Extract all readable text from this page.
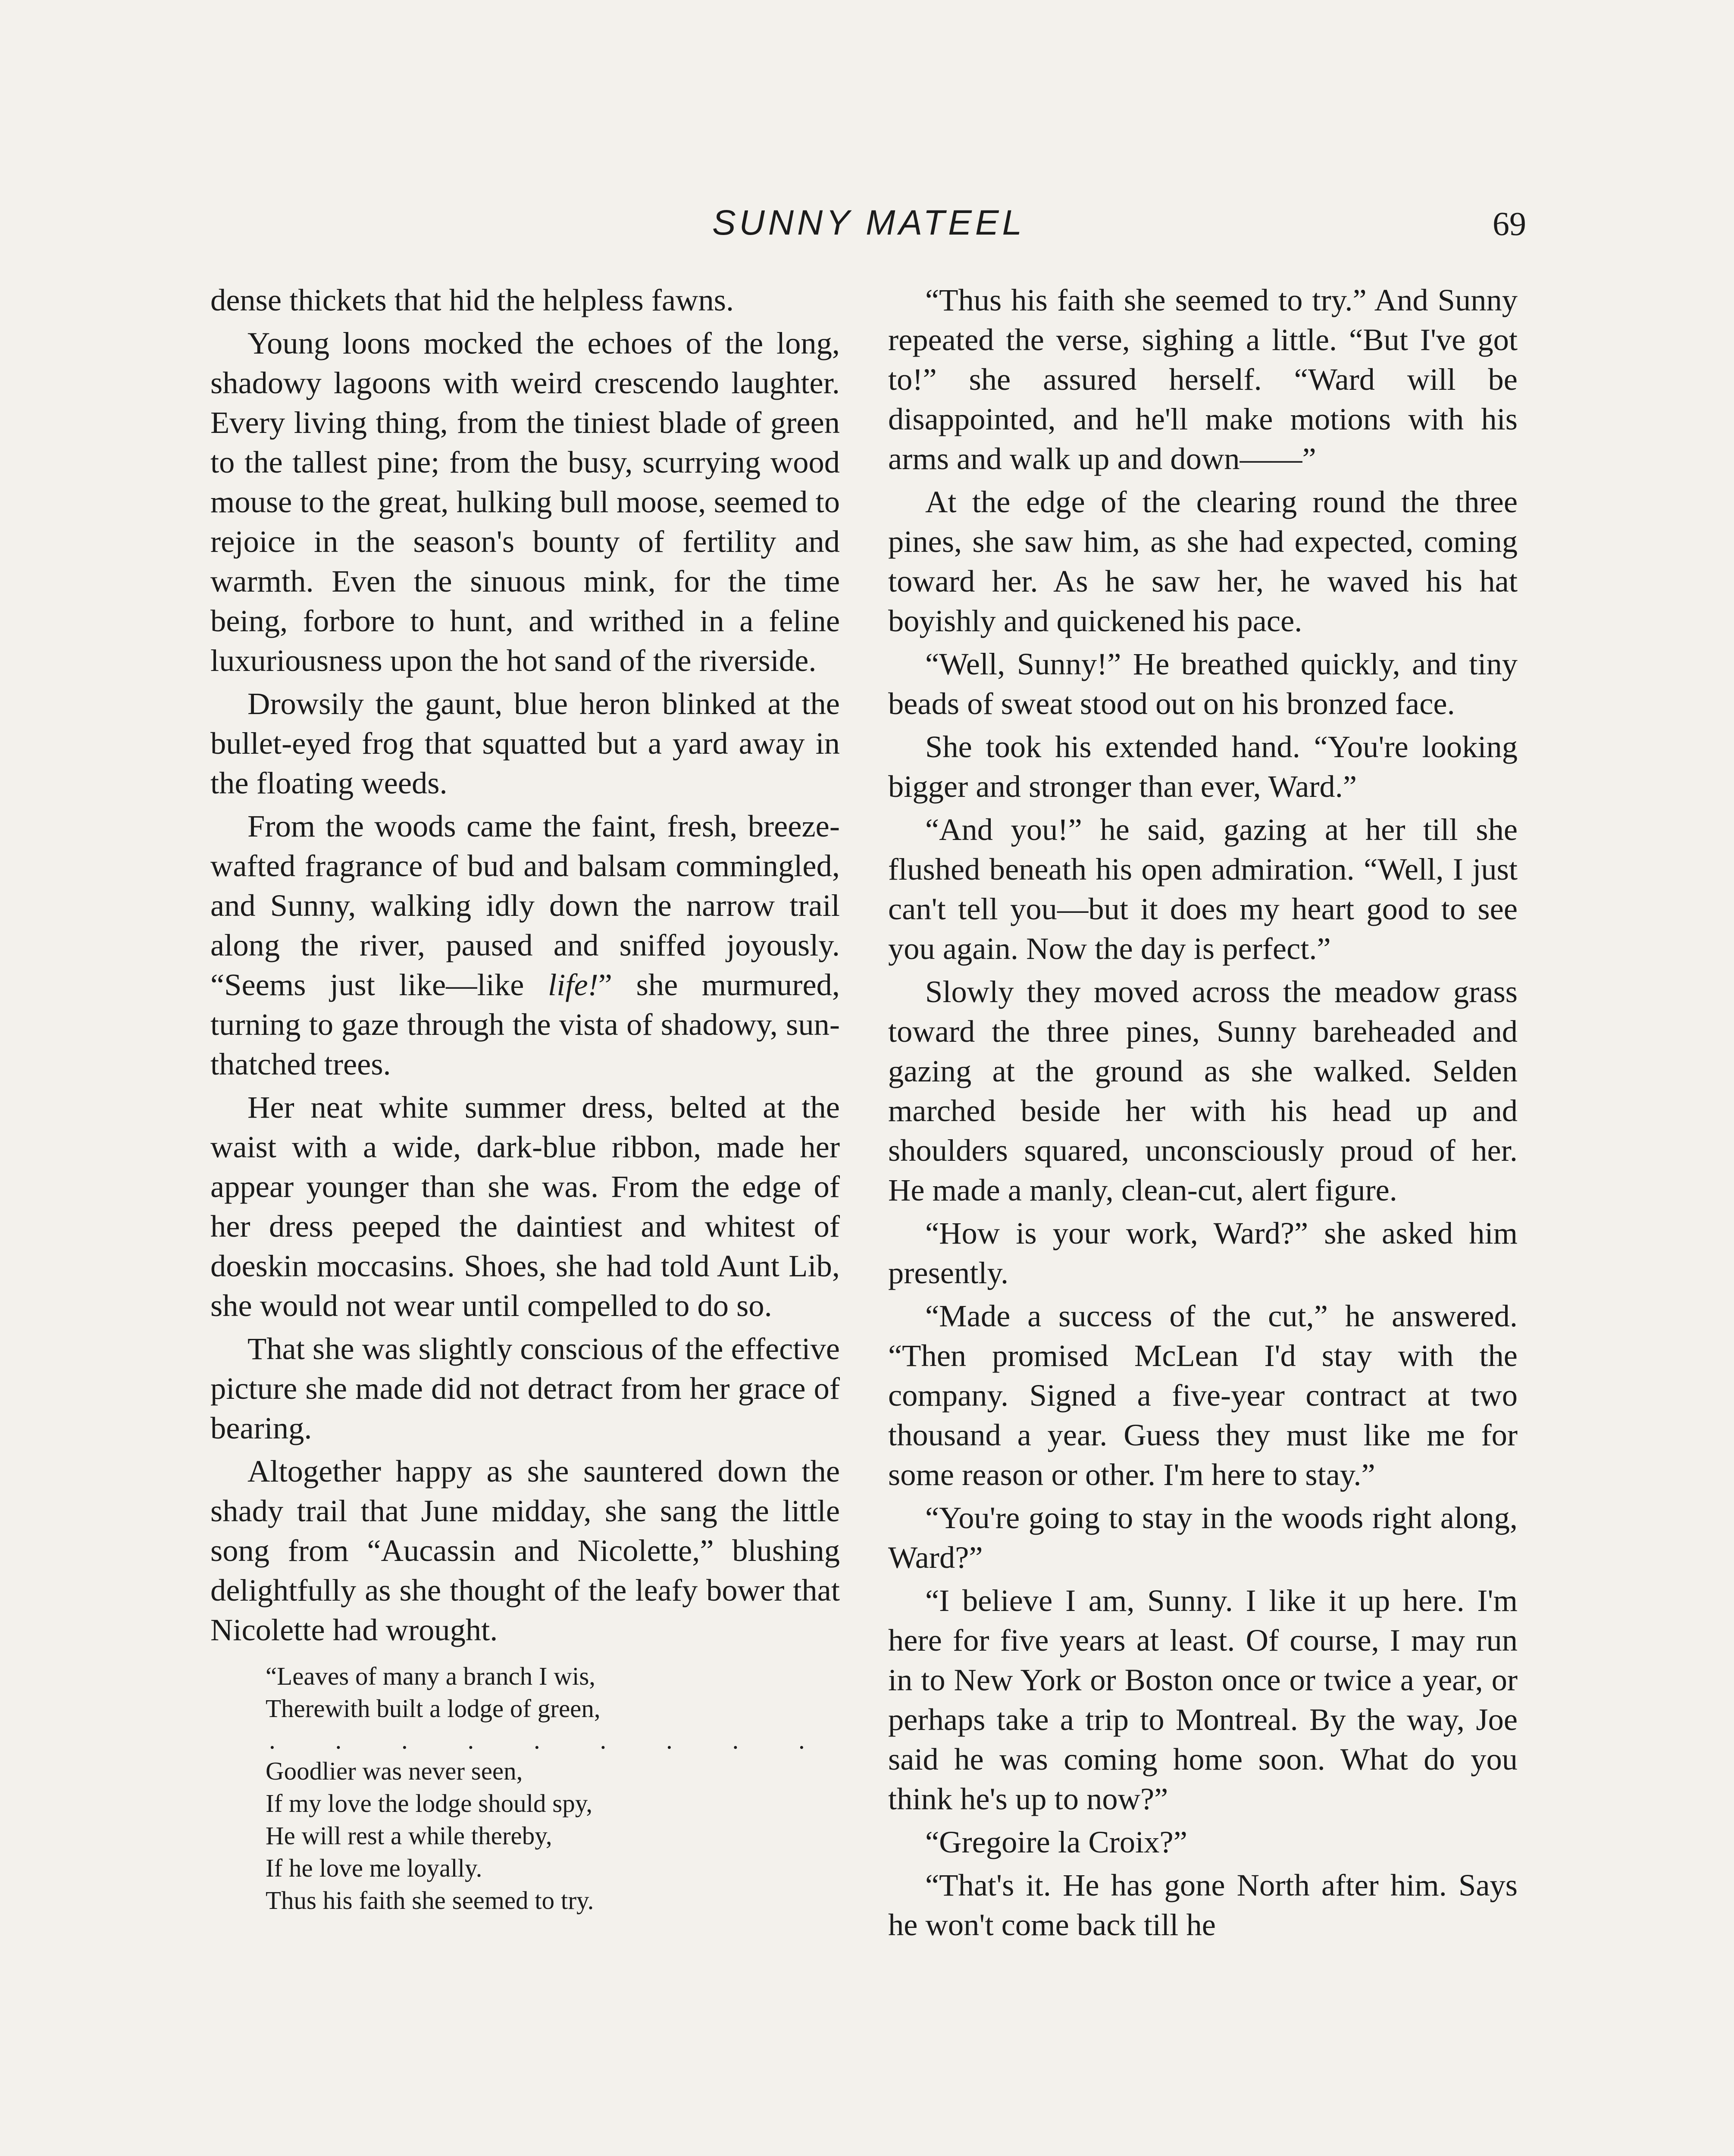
SUNNY MATEEL	69

dense thickets that hid the helpless fawns.

Young loons mocked the echoes of the long, shadowy lagoons with weird crescendo laughter. Every living thing, from the tiniest blade of green to the tallest pine; from the busy, scurrying wood mouse to the great, hulking bull moose, seemed to rejoice in the season's bounty of fertility and warmth. Even the sinuous mink, for the time being, forbore to hunt, and writhed in a feline luxuriousness upon the hot sand of the riverside.

Drowsily the gaunt, blue heron blinked at the bullet-eyed frog that squatted but a yard away in the floating weeds.

From the woods came the faint, fresh, breeze-wafted fragrance of bud and balsam commingled, and Sunny, walking idly down the narrow trail along the river, paused and sniffed joyously. “Seems just like—like life!” she murmured, turning to gaze through the vista of shadowy, sun-thatched trees.

Her neat white summer dress, belted at the waist with a wide, dark-blue ribbon, made her appear younger than she was. From the edge of her dress peeped the daintiest and whitest of doeskin moccasins. Shoes, she had told Aunt Lib, she would not wear until compelled to do so.

That she was slightly conscious of the effective picture she made did not detract from her grace of bearing.

Altogether happy as she sauntered down the shady trail that June midday, she sang the little song from “Aucassin and Nicolette,” blushing delightfully as she thought of the leafy bower that Nicolette had wrought.

“Leaves of many a branch I wis,
Therewith built a lodge of green,
. . . . . . . . .
Goodlier was never seen,
If my love the lodge should spy,
He will rest a while thereby,
If he love me loyally.
Thus his faith she seemed to try.

“Thus his faith she seemed to try.” And Sunny repeated the verse, sighing a little. “But I've got to!” she assured herself. “Ward will be disappointed, and he'll make motions with his arms and walk up and down——”

At the edge of the clearing round the three pines, she saw him, as she had expected, coming toward her. As he saw her, he waved his hat boyishly and quickened his pace.

“Well, Sunny!” He breathed quickly, and tiny beads of sweat stood out on his bronzed face.

She took his extended hand. “You're looking bigger and stronger than ever, Ward.”

“And you!” he said, gazing at her till she flushed beneath his open admiration. “Well, I just can't tell you—but it does my heart good to see you again. Now the day is perfect.”

Slowly they moved across the meadow grass toward the three pines, Sunny bareheaded and gazing at the ground as she walked. Selden marched beside her with his head up and shoulders squared, unconsciously proud of her. He made a manly, clean-cut, alert figure.

“How is your work, Ward?” she asked him presently.

“Made a success of the cut,” he answered. “Then promised McLean I'd stay with the company. Signed a five-year contract at two thousand a year. Guess they must like me for some reason or other. I'm here to stay.”

“You're going to stay in the woods right along, Ward?”

“I believe I am, Sunny. I like it up here. I'm here for five years at least. Of course, I may run in to New York or Boston once or twice a year, or perhaps take a trip to Montreal. By the way, Joe said he was coming home soon. What do you think he's up to now?”

“Gregoire la Croix?”

“That's it. He has gone North after him. Says he won't come back till he
